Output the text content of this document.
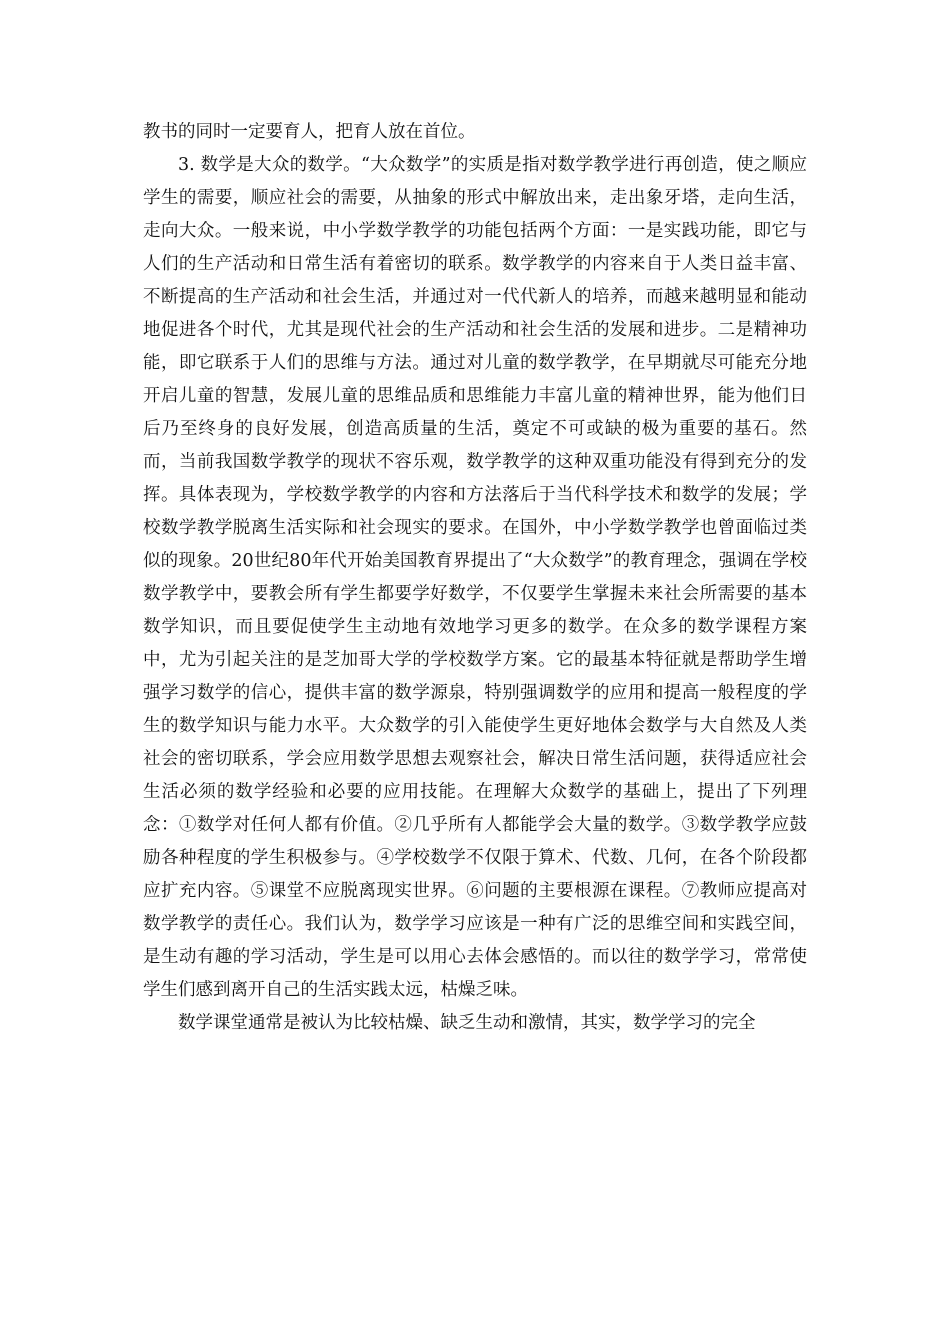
教书的同时一定要育人，把育人放在首位。

3. 数学是大众的数学。“大众数学”的实质是指对数学教学进行再创造，使之顺应学生的需要，顺应社会的需要，从抽象的形式中解放出来，走出象牙塔，走向生活，走向大众。一般来说，中小学数学教学的功能包括两个方面：一是实践功能，即它与人们的生产活动和日常生活有着密切的联系。数学教学的内容来自于人类日益丰富、不断提高的生产活动和社会生活，并通过对一代代新人的培养，而越来越明显和能动地促进各个时代，尤其是现代社会的生产活动和社会生活的发展和进步。二是精神功能，即它联系于人们的思维与方法。通过对儿童的数学教学，在早期就尽可能充分地开启儿童的智慧，发展儿童的思维品质和思维能力丰富儿童的精神世界，能为他们日后乃至终身的良好发展，创造高质量的生活，奠定不可或缺的极为重要的基石。然而，当前我国数学教学的现状不容乐观，数学教学的这种双重功能没有得到充分的发挥。具体表现为，学校数学教学的内容和方法落后于当代科学技术和数学的发展；学校数学教学脱离生活实际和社会现实的要求。在国外，中小学数学教学也曾面临过类似的现象。20世纪80年代开始美国教育界提出了“大众数学”的教育理念，强调在学校数学教学中，要教会所有学生都要学好数学，不仅要学生掌握未来社会所需要的基本数学知识，而且要促使学生主动地有效地学习更多的数学。在众多的数学课程方案中，尤为引起关注的是芝加哥大学的学校数学方案。它的最基本特征就是帮助学生增强学习数学的信心，提供丰富的数学源泉，特别强调数学的应用和提高一般程度的学生的数学知识与能力水平。大众数学的引入能使学生更好地体会数学与大自然及人类社会的密切联系，学会应用数学思想去观察社会，解决日常生活问题，获得适应社会生活必须的数学经验和必要的应用技能。在理解大众数学的基础上，提出了下列理念：①数学对任何人都有价值。②几乎所有人都能学会大量的数学。③数学教学应鼓励各种程度的学生积极参与。④学校数学不仅限于算术、代数、几何，在各个阶段都应扩充内容。⑤课堂不应脱离现实世界。⑥问题的主要根源在课程。⑦教师应提高对数学教学的责任心。我们认为，数学学习应该是一种有广泛的思维空间和实践空间，是生动有趣的学习活动，学生是可以用心去体会感悟的。而以往的数学学习，常常使学生们感到离开自己的生活实践太远，枯燥乏味。

数学课堂通常是被认为比较枯燥、缺乏生动和激情，其实，数学学习的完全
